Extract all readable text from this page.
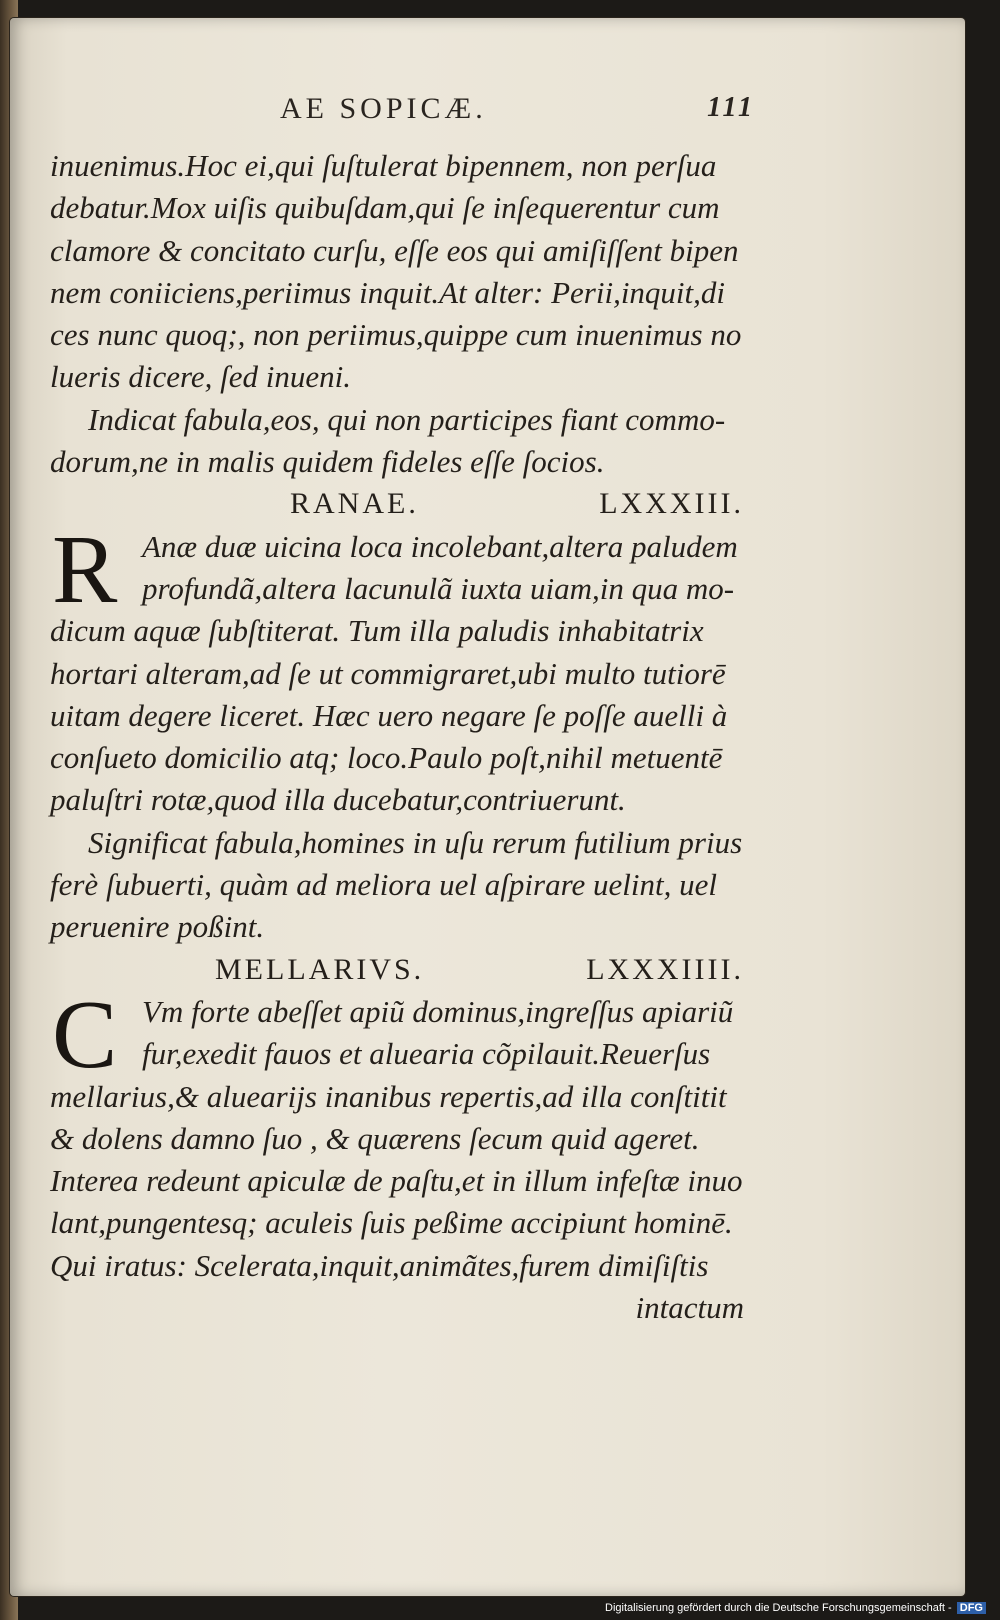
AE SOPICÆ.	111
inuenimus.Hoc ei,qui ſuſtulerat bipennem, non perſua
debatur.Mox uiſis quibuſdam,qui ſe inſequerentur cum
clamore & concitato curſu, eſſe eos qui amiſiſſent bipen
nem coniiciens,periimus inquit.At alter: Perii,inquit,di
ces nunc quoq;, non periimus,quippe cum inuenimus no
lueris dicere, ſed inueni.
Indicat fabula,eos, qui non participes fiant commo-
dorum,ne in malis quidem fideles eſſe ſocios.
RANAE.	LXXXIII.
R Anæ duæ uicina loca incolebant,altera paludem
profundã,altera lacunulã iuxta uiam,in qua mo-
dicum aquæ ſubſtiterat. Tum illa paludis inhabitatrix
hortari alteram,ad ſe ut commigraret,ubi multo tutiorē
uitam degere liceret. Hæc uero negare ſe poſſe auelli à
conſueto domicilio atq; loco.Paulo poſt,nihil metuentē
paluſtri rotæ,quod illa ducebatur,contriuerunt.
Significat fabula,homines in uſu rerum futilium prius
ferè ſubuerti, quàm ad meliora uel aſpirare uelint, uel
peruenire poßint.
MELLARIVS.	LXXXIIII.
C Vm forte abeſſet apiũ dominus,ingreſſus apiariũ
fur,exedit fauos et aluearia cõpilauit.Reuerſus
mellarius,& aluearijs inanibus repertis,ad illa conſtitit
& dolens damno ſuo , & quærens ſecum quid ageret.
Interea redeunt apiculæ de paſtu,et in illum infeſtæ inuo
lant,pungentesq; aculeis ſuis peßime accipiunt hominē.
Qui iratus: Scelerata,inquit,animãtes,furem dimiſiſtis
intactum
Digitalisierung gefördert durch die Deutsche Forschungsgemeinschaft - DFG
